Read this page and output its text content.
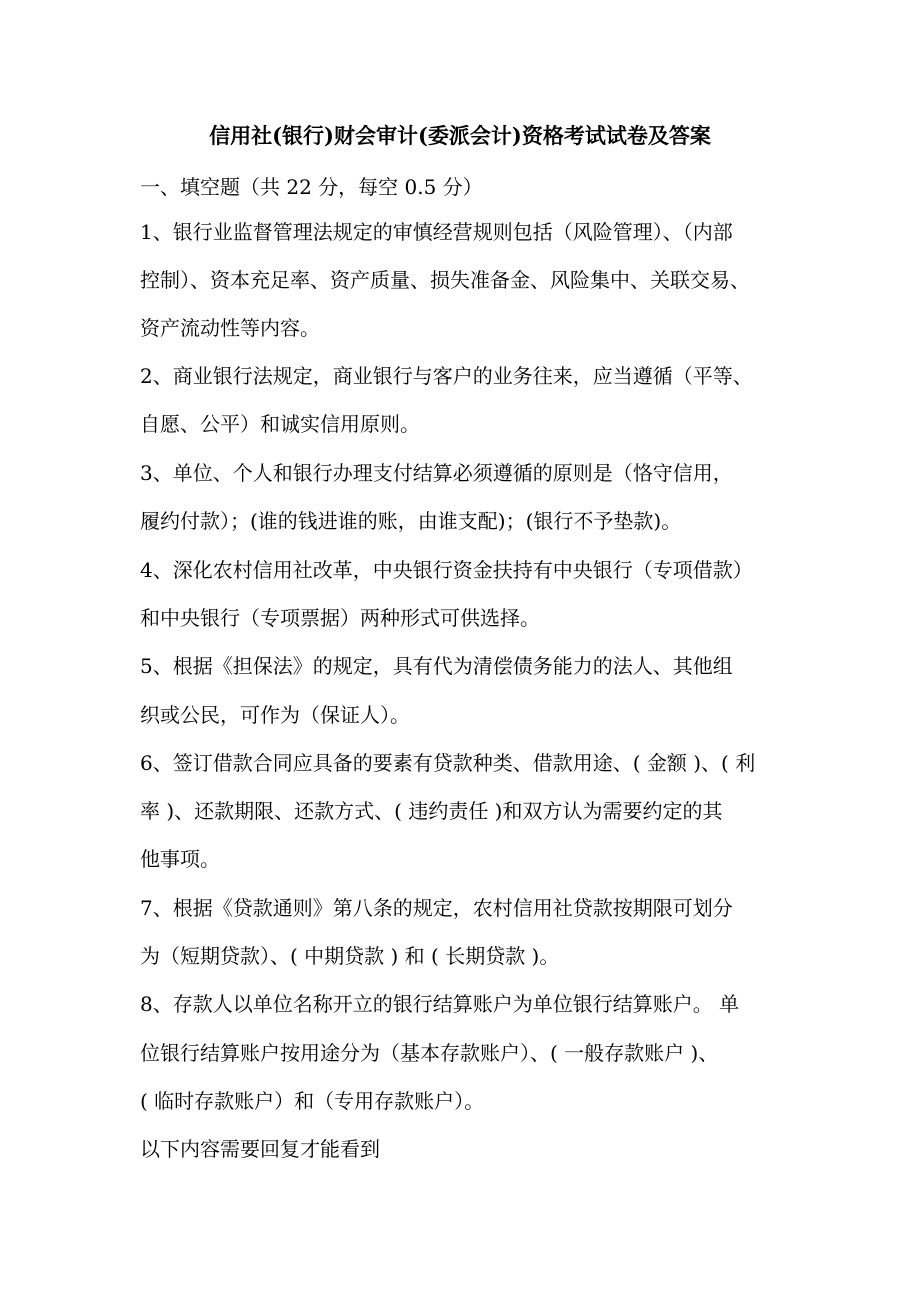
信用社(银行)财会审计(委派会计)资格考试试卷及答案
一、填空题（共 22 分，每空 0.5 分）
1、银行业监督管理法规定的审慎经营规则包括（风险管理）、（内部
控制）、资本充足率、资产质量、损失准备金、风险集中、关联交易、
资产流动性等内容。
2、商业银行法规定，商业银行与客户的业务往来，应当遵循（平等、
自愿、公平）和诚实信用原则。
3、单位、个人和银行办理支付结算必须遵循的原则是（恪守信用，
履约付款）；(谁的钱进谁的账，由谁支配)；(银行不予垫款)。
4、深化农村信用社改革，中央银行资金扶持有中央银行（专项借款）
和中央银行（专项票据）两种形式可供选择。
5、根据《担保法》的规定，具有代为清偿债务能力的法人、其他组
织或公民，可作为（保证人）。
6、签订借款合同应具备的要素有贷款种类、借款用途、( 金额 )、( 利
率 )、还款期限、还款方式、( 违约责任 )和双方认为需要约定的其
他事项。
7、根据《贷款通则》第八条的规定，农村信用社贷款按期限可划分
为（短期贷款）、( 中期贷款 ) 和 ( 长期贷款 )。
8、存款人以单位名称开立的银行结算账户为单位银行结算账户。 单
位银行结算账户按用途分为（基本存款账户）、( 一般存款账户 )、
( 临时存款账户）和（专用存款账户）。
以下内容需要回复才能看到
